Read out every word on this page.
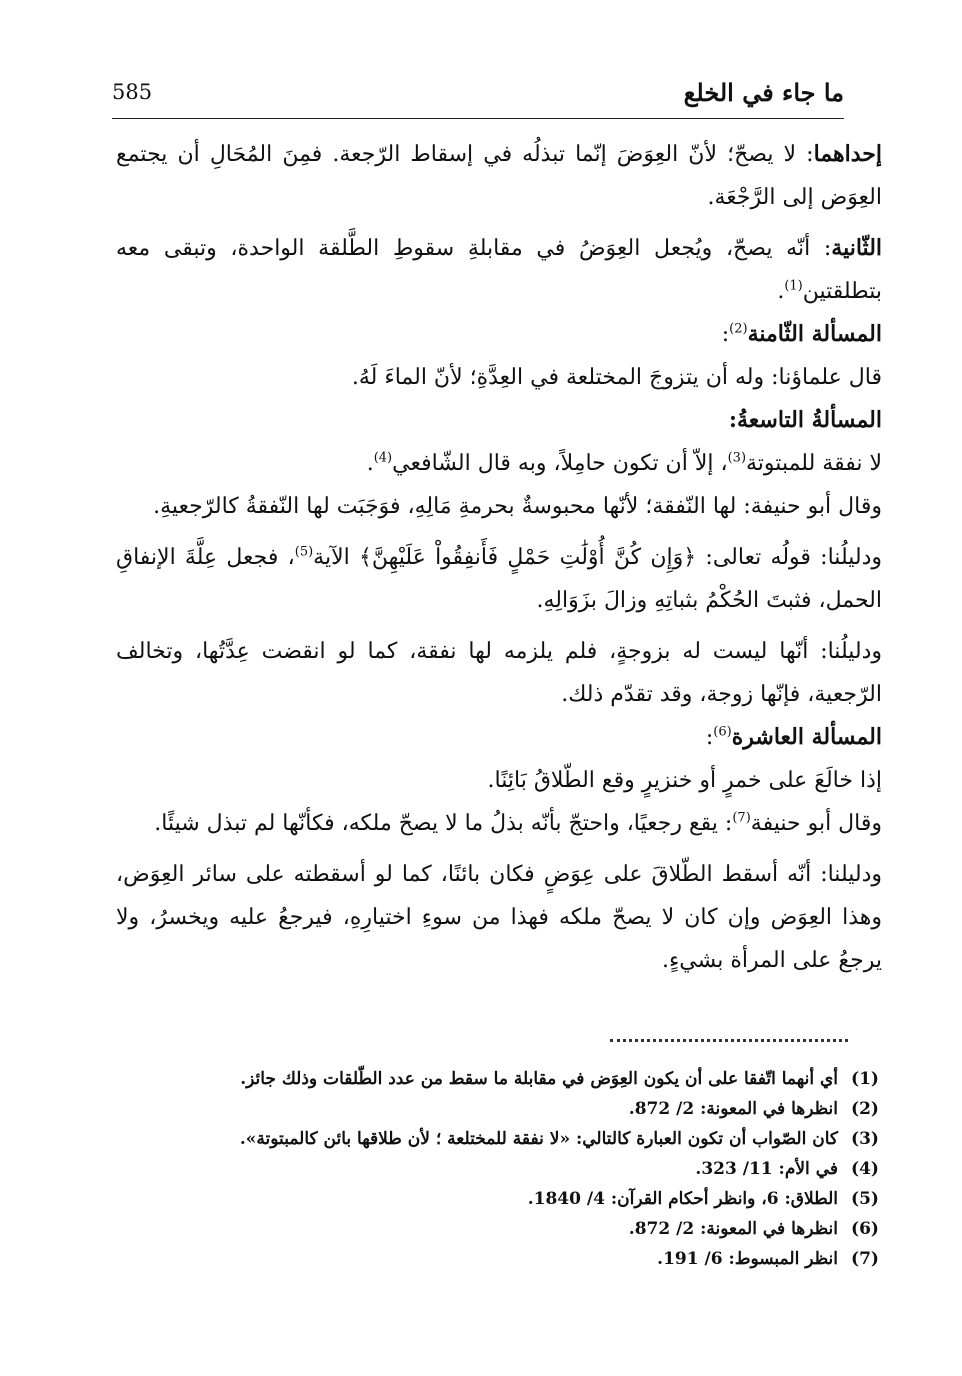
ما جاء في الخلع
585

إحداهما: لا يصحّ؛ لأنّ العِوَضَ إنّما تبذلُه في إسقاط الرّجعة. فمِنَ المُحَالِ أن يجتمع العِوَض إلى الرَّجْعَة.

الثّانية: أنّه يصحّ، ويُجعل العِوَضُ في مقابلةِ سقوطِ الطَّلقة الواحدة، وتبقى معه بتطلقتين$^{(1)}$.

المسألة الثّامنة$^{(2)}$:

قال علماؤنا: وله أن يتزوجَ المختلعة في العِدَّةِ؛ لأنّ الماءَ لَهُ.

المسألةُ التاسعةُ:

لا نفقة للمبتوتة$^{(3)}$، إلاّ أن تكون حامِلاً، وبه قال الشّافعي$^{(4)}$.

وقال أبو حنيفة: لها النّفقة؛ لأنّها محبوسةٌ بحرمةِ مَالِهِ، فوَجَبَت لها النّفقةُ كالرّجعيةِ.

ودليلُنا: قولُه تعالى: ﴿وَإِن كُنَّ أُوْلَٰتِ حَمْلٍ فَأَنفِقُواْ عَلَيْهِنَّ﴾ الآية$^{(5)}$، فجعل عِلَّةَ الإنفاقِ الحمل، فثبتَ الحُكْمُ بثباتِهِ وزالَ بزَوَالِهِ.

ودليلُنا: أنّها ليست له بزوجةٍ، فلم يلزمه لها نفقة، كما لو انقضت عِدَّتُها، وتخالف الرّجعية، فإنّها زوجة، وقد تقدّم ذلك.

المسألة العاشرة$^{(6)}$:

إذا خالَعَ على خمرٍ أو خنزيرٍ وقع الطّلاقُ بَائِنًا.

وقال أبو حنيفة$^{(7)}$: يقع رجعيًا، واحتجّ بأنّه بذلُ ما لا يصحّ ملكه، فكأنّها لم تبذل شيئًا.

ودليلنا: أنّه أسقط الطّلاقَ على عِوَضٍ فكان بائنًا، كما لو أسقطته على سائر العِوَض، وهذا العِوَض وإن كان لا يصحّ ملكه فهذا من سوءِ اختيارِهِ، فيرجعُ عليه ويخسرُ، ولا يرجعُ على المرأة بشيءٍ.

(1)
أي أنهما اتّفقا على أن يكون العِوَض في مقابلة ما سقط من عدد الطّلقات وذلك جائز.
(2)
انظرها في المعونة: 2/ 872.
(3)
كان الصّواب أن تكون العبارة كالتالي: «لا نفقة للمختلعة ؛ لأن طلاقها بائن كالمبتوتة».
(4)
في الأم: 11/ 323.
(5)
الطلاق: 6، وانظر أحكام القرآن: 4/ 1840.
(6)
انظرها في المعونة: 2/ 872.
(7)
انظر المبسوط: 6/ 191.
